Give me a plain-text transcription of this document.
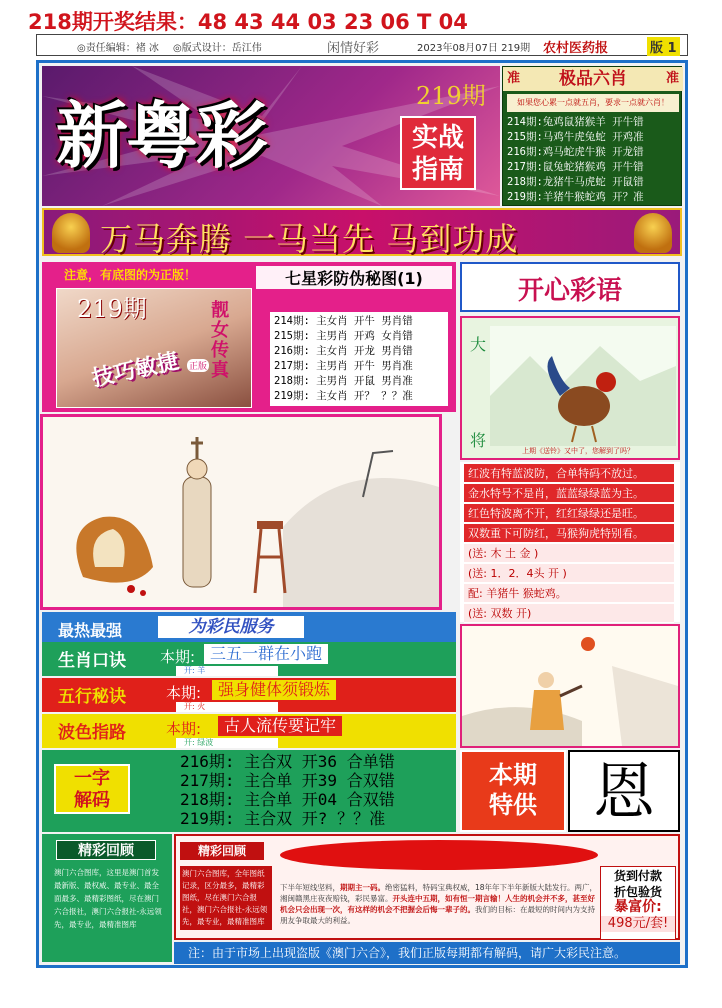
218期开奖结果：48 43 44 03 23 06 T 04
◎责任编辑：褚 冰 ◎版式设计：岳江伟	闲情好彩	2023年08月07日 219期 农村医药报	版 1
新粤彩	219期
实战
指南
准 极品六肖	准
如果您心累一点就五肖，要求一点就六肖！
214期:兔鸡鼠猪猴羊 开牛错
215期:马鸡牛虎兔蛇 开鸡准
216期:鸡马蛇虎牛猴 开龙错
217期:鼠兔蛇猪猴鸡 开牛错
218期:龙猪牛马虎蛇 开鼠错
219期:羊猪牛猴蛇鸡 开？准
万马奔腾 一马当先 马到功成
注意，有底图的为正版！
219期	靓女传真
正版
技巧敏捷
七星彩防伪秘图(1)
214期: 主女肖 开牛 男肖错
215期: 主男肖 开鸡 女肖错
216期: 主女肖 开龙 男肖错
217期: 主男肖 开牛 男肖准
218期: 主男肖 开鼠 男肖准
219期: 主女肖 开？ ？？准
开心彩语
大
将
上期《送铃》又中了，您解到了吗？
红波有特蓝波防，合单特码不放过。
金水特号不是肖，蓝蓝绿绿蓝为主。
红色特波离不开，红红绿绿还是旺。
双数重下可防红，马猴狗虎特别看。
(送: 木 土 金 )
(送: 1．2．4头 开 )
配: 羊猪牛 猴蛇鸡。
(送: 双数 开)
最热最强	为彩民服务
生肖口诀 本期: 三五一群在小跑
开: 羊
五行秘诀	本期:	强身健体须锻炼
开: 火
波色指路	本期:	古人流传要记牢
开: 绿波
一字
解码
216期: 主合双 开36 合单错
217期: 主合单 开39 合双错
218期: 主合单 开04 合双错
219期: 主合双 开? ？？准
本期
特供 恩
精彩回顾
澳门六合图库，这里是澳门首发最新版、最权威、最专业、最全面最多、最精彩图纸，尽在澳门六合报社，澳门六合报社-永远领先，最专业，最精准图库
精彩回顾
澳门六合图库，全年图纸记录，区分最多，最精彩图纸，尽在澳门六合报社，澳门六合报社-永远领先，最专业，最精准图库
下半年短线坚料，期期主一码。绝密猛料，特码宝典权威，18年年下半年新版大陆发行。两广，湘闽赣黑庄夜夜赔钱，彩民暴富。开头连中五期，如有恒一期言输！人生的机会并不多，甚至好机会只会出现一次，有这样的机会不把握会后悔一辈子的。我们的目标：在最短的时间内为支持朋友争取最大的利益。
货到付款
折包验货
暴富价:
498元/套!
注：由于市场上出现盗版《澳门六合》，我们正版每期都有解码，请广大彩民注意。
